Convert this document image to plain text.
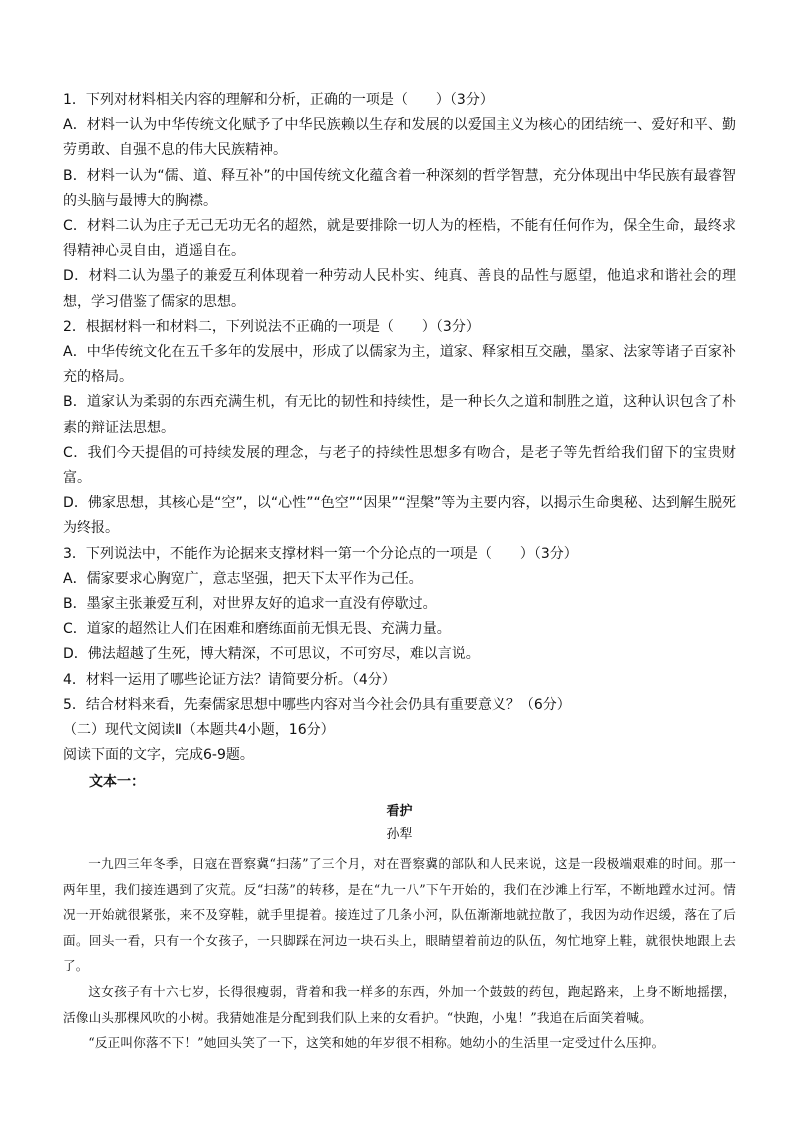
1．下列对材料相关内容的理解和分析，正确的一项是（　　）（3分）

A．材料一认为中华传统文化赋予了中华民族赖以生存和发展的以爱国主义为核心的团结统一、爱好和平、勤劳勇敢、自强不息的伟大民族精神。

B．材料一认为“儒、道、释互补”的中国传统文化蕴含着一种深刻的哲学智慧，充分体现出中华民族有最睿智的头脑与最博大的胸襟。

C．材料二认为庄子无己无功无名的超然，就是要排除一切人为的桎梏，不能有任何作为，保全生命，最终求得精神心灵自由，逍遥自在。

D．材料二认为墨子的兼爱互利体现着一种劳动人民朴实、纯真、善良的品性与愿望，他追求和谐社会的理想，学习借鉴了儒家的思想。

2．根据材料一和材料二，下列说法不正确的一项是（　　）（3分）

A．中华传统文化在五千多年的发展中，形成了以儒家为主，道家、释家相互交融，墨家、法家等诸子百家补充的格局。

B．道家认为柔弱的东西充满生机，有无比的韧性和持续性，是一种长久之道和制胜之道，这种认识包含了朴素的辩证法思想。

C．我们今天提倡的可持续发展的理念，与老子的持续性思想多有吻合，是老子等先哲给我们留下的宝贵财富。

D．佛家思想，其核心是“空”，以“心性”“色空”“因果”“涅槃”等为主要内容，以揭示生命奥秘、达到解生脱死为终报。

3．下列说法中，不能作为论据来支撑材料一第一个分论点的一项是（　　）（3分）

A．儒家要求心胸宽广，意志坚强，把天下太平作为己任。

B．墨家主张兼爱互利，对世界友好的追求一直没有停歇过。

C．道家的超然让人们在困难和磨练面前无惧无畏、充满力量。

D．佛法超越了生死，博大精深，不可思议，不可穷尽，难以言说。

4．材料一运用了哪些论证方法？请简要分析。（4分）

5．结合材料来看，先秦儒家思想中哪些内容对当今社会仍具有重要意义？（6分）

（二）现代文阅读Ⅱ（本题共4小题，16分）

阅读下面的文字，完成6-9题。

文本一：

看护

孙犁

一九四三年冬季，日寇在晋察冀“扫荡”了三个月，对在晋察冀的部队和人民来说，这是一段极端艰难的时间。那一两年里，我们接连遇到了灾荒。反“扫荡”的转移，是在“九一八”下午开始的，我们在沙滩上行军，不断地蹚水过河。情况一开始就很紧张，来不及穿鞋，就手里提着。接连过了几条小河，队伍渐渐地就拉散了，我因为动作迟缓，落在了后面。回头一看，只有一个女孩子，一只脚踩在河边一块石头上，眼睛望着前边的队伍，匆忙地穿上鞋，就很快地跟上去了。

这女孩子有十六七岁，长得很瘦弱，背着和我一样多的东西，外加一个鼓鼓的药包，跑起路来，上身不断地摇摆，活像山头那棵风吹的小树。我猜她准是分配到我们队上来的女看护。“快跑，小鬼！”我追在后面笑着喊。

“反正叫你落不下！”她回头笑了一下，这笑和她的年岁很不相称。她幼小的生活里一定受过什么压抑。
